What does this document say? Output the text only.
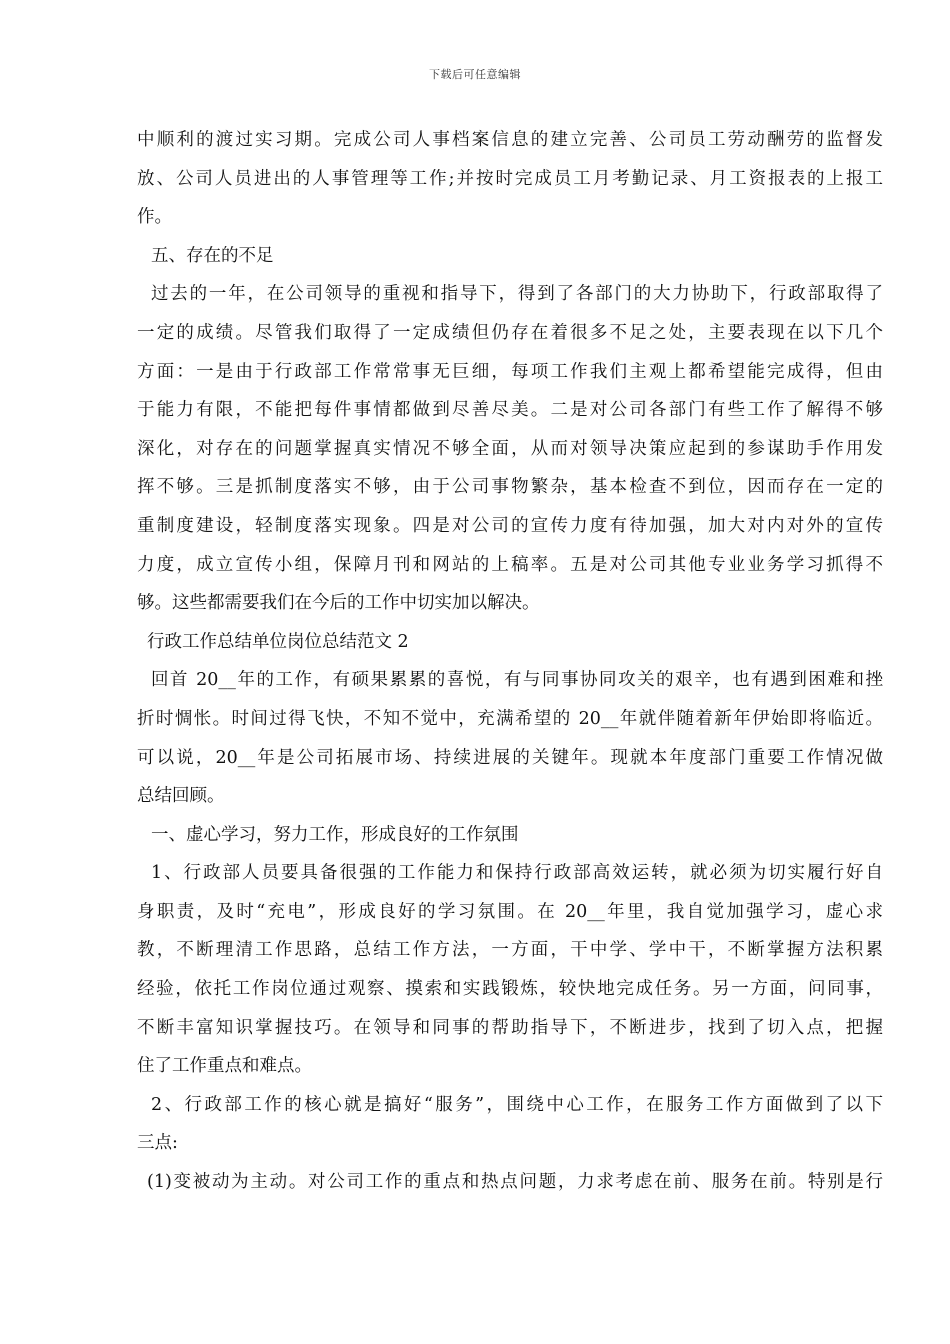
下载后可任意编辑
中顺利的渡过实习期。完成公司人事档案信息的建立完善、公司员工劳动酬劳的监督发
放、公司人员进出的人事管理等工作;并按时完成员工月考勤记录、月工资报表的上报工
作。
五、存在的不足
过去的一年，在公司领导的重视和指导下，得到了各部门的大力协助下，行政部取得了
一定的成绩。尽管我们取得了一定成绩但仍存在着很多不足之处，主要表现在以下几个
方面：一是由于行政部工作常常事无巨细，每项工作我们主观上都希望能完成得，但由
于能力有限，不能把每件事情都做到尽善尽美。二是对公司各部门有些工作了解得不够
深化，对存在的问题掌握真实情况不够全面，从而对领导决策应起到的参谋助手作用发
挥不够。三是抓制度落实不够，由于公司事物繁杂，基本检查不到位，因而存在一定的
重制度建设，轻制度落实现象。四是对公司的宣传力度有待加强，加大对内对外的宣传
力度，成立宣传小组，保障月刊和网站的上稿率。五是对公司其他专业业务学习抓得不
够。这些都需要我们在今后的工作中切实加以解决。
行政工作总结单位岗位总结范文 2
回首 20__年的工作，有硕果累累的喜悦，有与同事协同攻关的艰辛，也有遇到困难和挫
折时惆怅。时间过得飞快，不知不觉中，充满希望的 20__年就伴随着新年伊始即将临近。
可以说，20__年是公司拓展市场、持续进展的关键年。现就本年度部门重要工作情况做
总结回顾。
一、虚心学习，努力工作，形成良好的工作氛围
1、行政部人员要具备很强的工作能力和保持行政部高效运转，就必须为切实履行好自
身职责，及时“充电”，形成良好的学习氛围。在 20__年里，我自觉加强学习，虚心求
教，不断理清工作思路，总结工作方法，一方面，干中学、学中干，不断掌握方法积累
经验，依托工作岗位通过观察、摸索和实践锻炼，较快地完成任务。另一方面，问同事，
不断丰富知识掌握技巧。在领导和同事的帮助指导下，不断进步，找到了切入点，把握
住了工作重点和难点。
2、行政部工作的核心就是搞好“服务”，围绕中心工作，在服务工作方面做到了以下
三点:
(1)变被动为主动。对公司工作的重点和热点问题，力求考虑在前、服务在前。特别是行
